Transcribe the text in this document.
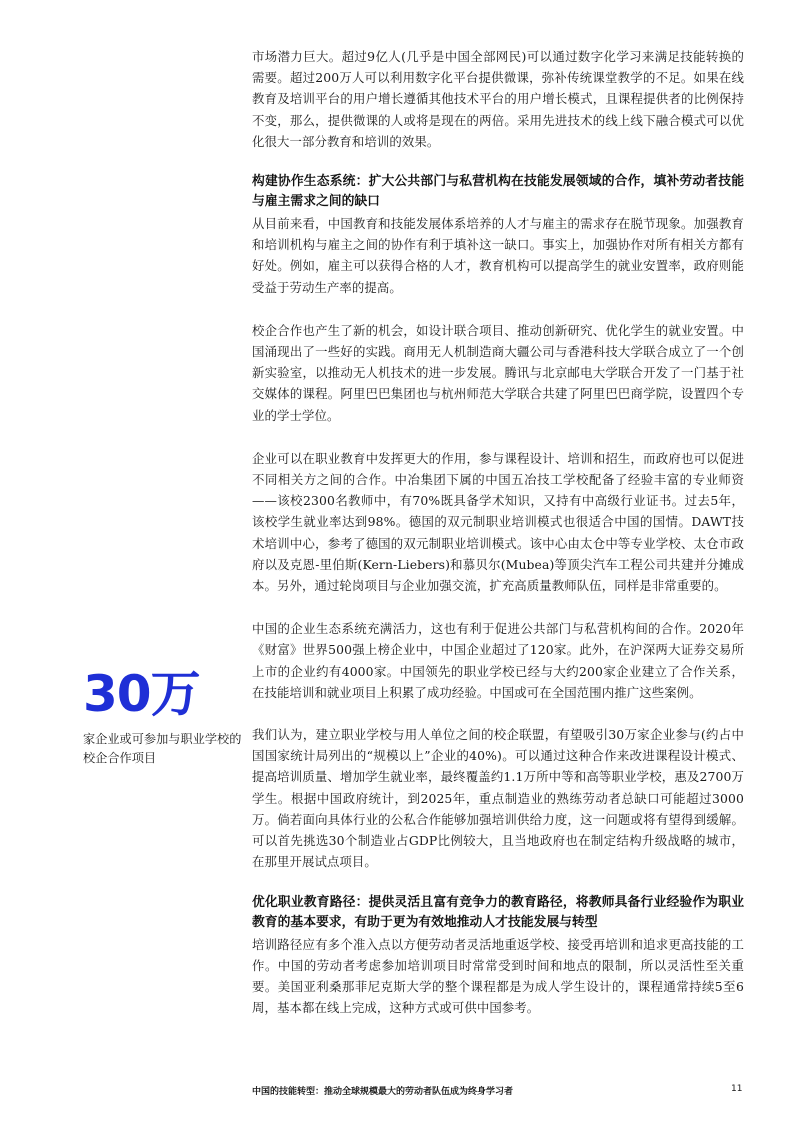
市场潜力巨大。超过9亿人(几乎是中国全部网民)可以通过数字化学习来满足技能转换的需要。超过200万人可以利用数字化平台提供微课，弥补传统课堂教学的不足。如果在线教育及培训平台的用户增长遵循其他技术平台的用户增长模式，且课程提供者的比例保持不变，那么，提供微课的人或将是现在的两倍。采用先进技术的线上线下融合模式可以优化很大一部分教育和培训的效果。

构建协作生态系统：扩大公共部门与私营机构在技能发展领域的合作，填补劳动者技能与雇主需求之间的缺口

从目前来看，中国教育和技能发展体系培养的人才与雇主的需求存在脱节现象。加强教育和培训机构与雇主之间的协作有利于填补这一缺口。事实上，加强协作对所有相关方都有好处。例如，雇主可以获得合格的人才，教育机构可以提高学生的就业安置率，政府则能受益于劳动生产率的提高。

校企合作也产生了新的机会，如设计联合项目、推动创新研究、优化学生的就业安置。中国涌现出了一些好的实践。商用无人机制造商大疆公司与香港科技大学联合成立了一个创新实验室，以推动无人机技术的进一步发展。腾讯与北京邮电大学联合开发了一门基于社交媒体的课程。阿里巴巴集团也与杭州师范大学联合共建了阿里巴巴商学院，设置四个专业的学士学位。

企业可以在职业教育中发挥更大的作用，参与课程设计、培训和招生，而政府也可以促进不同相关方之间的合作。中冶集团下属的中国五冶技工学校配备了经验丰富的专业师资——该校2300名教师中，有70%既具备学术知识，又持有中高级行业证书。过去5年，该校学生就业率达到98%。德国的双元制职业培训模式也很适合中国的国情。DAWT技术培训中心，参考了德国的双元制职业培训模式。该中心由太仓中等专业学校、太仓市政府以及克恩-里伯斯(Kern-Liebers)和慕贝尔(Mubea)等顶尖汽车工程公司共建并分摊成本。另外，通过轮岗项目与企业加强交流，扩充高质量教师队伍，同样是非常重要的。

中国的企业生态系统充满活力，这也有利于促进公共部门与私营机构间的合作。2020年《财富》世界500强上榜企业中，中国企业超过了120家。此外，在沪深两大证券交易所上市的企业约有4000家。中国领先的职业学校已经与大约200家企业建立了合作关系，在技能培训和就业项目上积累了成功经验。中国或可在全国范围内推广这些案例。

我们认为，建立职业学校与用人单位之间的校企联盟，有望吸引30万家企业参与(约占中国国家统计局列出的“规模以上”企业的40%)。可以通过这种合作来改进课程设计模式、提高培训质量、增加学生就业率，最终覆盖约1.1万所中等和高等职业学校，惠及2700万学生。根据中国政府统计，到2025年，重点制造业的熟练劳动者总缺口可能超过3000万。倘若面向具体行业的公私合作能够加强培训供给力度，这一问题或将有望得到缓解。可以首先挑选30个制造业占GDP比例较大，且当地政府也在制定结构升级战略的城市，在那里开展试点项目。

优化职业教育路径：提供灵活且富有竞争力的教育路径，将教师具备行业经验作为职业教育的基本要求，有助于更为有效地推动人才技能发展与转型

培训路径应有多个准入点以方便劳动者灵活地重返学校、接受再培训和追求更高技能的工作。中国的劳动者考虑参加培训项目时常常受到时间和地点的限制，所以灵活性至关重要。美国亚利桑那菲尼克斯大学的整个课程都是为成人学生设计的，课程通常持续5至6周，基本都在线上完成，这种方式或可供中国参考。

30万

家企业或可参加与职业学校的校企合作项目

中国的技能转型：推动全球规模最大的劳动者队伍成为终身学习者	11
